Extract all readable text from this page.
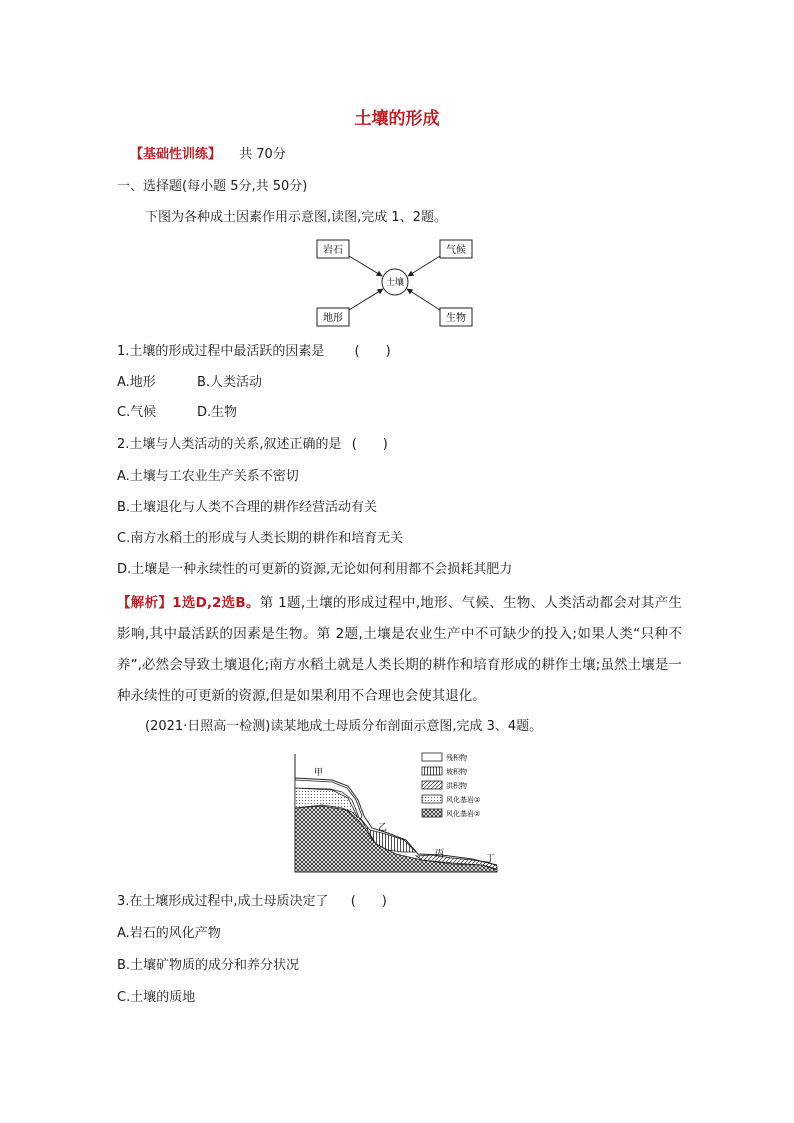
土壤的形成
【基础性训练】 共 70分
一、选择题(每小题 5分,共 50分)
下图为各种成土因素作用示意图,读图,完成 1、2题。
岩石	气候
地形	生物
土壤
1.土壤的形成过程中最活跃的因素是 (　　)
A.地形	B.人类活动
C.气候	D.生物
2.土壤与人类活动的关系,叙述正确的是 (　　)
A.土壤与工农业生产关系不密切
B.土壤退化与人类不合理的耕作经营活动有关
C.南方水稻土的形成与人类长期的耕作和培育无关
D.土壤是一种永续性的可更新的资源,无论如何利用都不会损耗其肥力
【解析】1选D,2选B。第 1题,土壤的形成过程中,地形、气候、生物、人类活动都会对其产生影响,其中最活跃的因素是生物。第 2题,土壤是农业生产中不可缺少的投入;如果人类“只种不养”,必然会导致土壤退化;南方水稻土就是人类长期的耕作和培育形成的耕作土壤;虽然土壤是一种永续性的可更新的资源,但是如果利用不合理也会使其退化。
(2021·日照高一检测)读某地成土母质分布剖面示意图,完成 3、4题。
甲
乙
丙	丁
残积物
坡积物
洪积物
风化基岩①
风化基岩②
3.在土壤形成过程中,成土母质决定了 (　　)
A.岩石的风化产物
B.土壤矿物质的成分和养分状况
C.土壤的质地
